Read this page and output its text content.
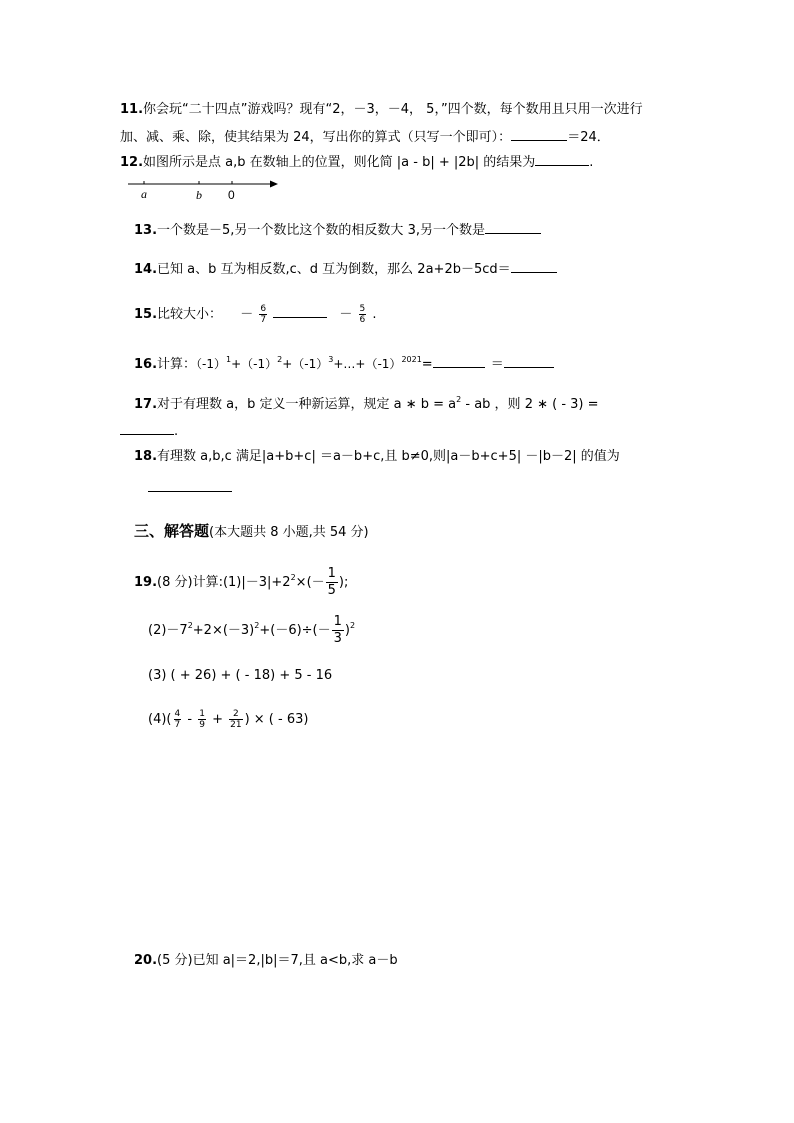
11.你会玩“二十四点”游戏吗？现有“2，－3，－4， 5，”四个数，每个数用且只用一次进行
加、减、乘、除，使其结果为 24，写出你的算式（只写一个即可）：	＝24．
12.如图所示是点 a,b 在数轴上的位置，则化简 |a - b| + |2b| 的结果为	.
a	b 0
13.一个数是－5,另一个数比这个数的相反数大 3,另一个数是
14.已知 a、b 互为相反数,c、d 互为倒数，那么 2a+2b－5cd＝
15.比较大小： － $\frac{6}{7}$	－ $\frac{5}{6}$ .
16.计算：$(-1)^1+(-1)^2+(-1)^3+\dots+(-1)^{2021}=$	＝
17.对于有理数 a，b 定义一种新运算，规定 a ∗ $b = a^2$ - ab ，则 2 ∗ ( - 3) =
.
18.有理数 a,b,c 满足|a+b+c| ＝a－b+c,且 b≠0,则|a－b+c+5| －|b－2| 的值为
三、解答题(本大题共 8 小题,共 54 分)
19.(8 分)计算$:(1)|-3|+2^2\times(- \frac{1}{5}$ );
$(2)-7^2+2\times(-3)^2+(-6)\div(- \frac{1}{3} )^2$
(3) ( + 26) + ( - 18) + 5 - 16
$(4)( \frac{4}{7} - \frac{1}{9} + \frac{2}{21}$ ) × ( - 63)
20.(5 分)已知 a|＝2,|b|＝7,且 a<b,求 a－b
